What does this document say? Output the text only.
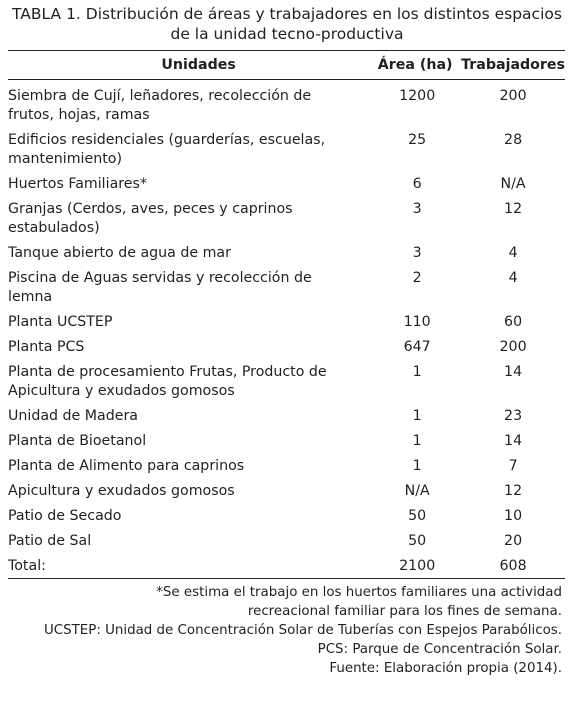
TABLA 1. Distribución de áreas y trabajadores en los distintos espacios
de la unidad tecno-productiva
Unidades	Área (ha)	Trabajadores
Siembra de Cují, leñadores, recolección de frutos, hojas, ramas	1200	200
Edificios residenciales (guarderías, escuelas, mantenimiento)	25	28
Huertos Familiares*	6	N/A
Granjas (Cerdos, aves, peces y caprinos estabulados)	3	12
Tanque abierto de agua de mar	3	4
Piscina de Aguas servidas y recolección de lemna	2	4
Planta UCSTEP	110	60
Planta PCS	647	200
Planta de procesamiento Frutas, Producto de Apicultura y exudados gomosos	1	14
Unidad de Madera	1	23
Planta de Bioetanol	1	14
Planta de Alimento para caprinos	1	7
Apicultura y exudados gomosos	N/A	12
Patio de Secado	50	10
Patio de Sal	50	20
Total:	2100	608
*Se estima el trabajo en los huertos familiares una actividad
recreacional familiar para los fines de semana.
UCSTEP: Unidad de Concentración Solar de Tuberías con Espejos Parabólicos.
PCS: Parque de Concentración Solar.
Fuente: Elaboración propia (2014).
